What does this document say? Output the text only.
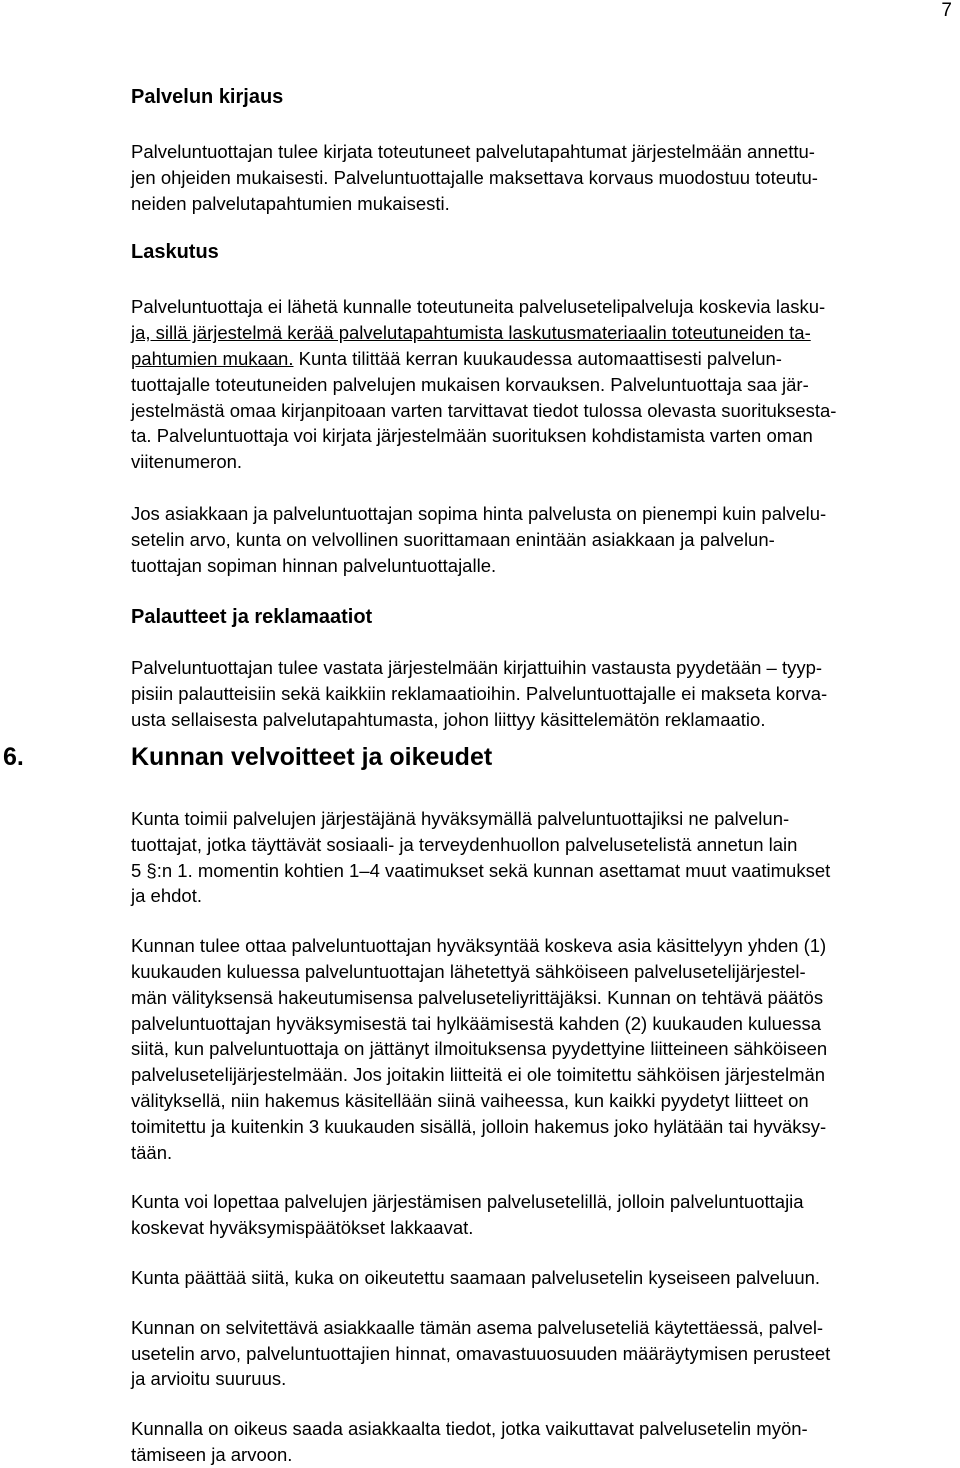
7
Palvelun kirjaus

Palveluntuottajan tulee kirjata toteutuneet palvelutapahtumat järjestelmään annettu-
jen ohjeiden mukaisesti. Palveluntuottajalle maksettava korvaus muodostuu toteutu-
neiden palvelutapahtumien mukaisesti.

Laskutus

Palveluntuottaja ei lähetä kunnalle toteutuneita palvelusetelipalveluja koskevia lasku-
ja, sillä järjestelmä kerää palvelutapahtumista laskutusmateriaalin toteutuneiden ta-
pahtumien mukaan. Kunta tilittää kerran kuukaudessa automaattisesti palvelun-
tuottajalle toteutuneiden palvelujen mukaisen korvauksen. Palveluntuottaja saa jär-
jestelmästä omaa kirjanpitoaan varten tarvittavat tiedot tulossa olevasta suorituksesta-
ta. Palveluntuottaja voi kirjata järjestelmään suorituksen kohdistamista varten oman
viitenumeron.

Jos asiakkaan ja palveluntuottajan sopima hinta palvelusta on pienempi kuin palvelu-
setelin arvo, kunta on velvollinen suorittamaan enintään asiakkaan ja palvelun-
tuottajan sopiman hinnan palveluntuottajalle.

Palautteet ja reklamaatiot

Palveluntuottajan tulee vastata järjestelmään kirjattuihin vastausta pyydetään – tyyp-
pisiin palautteisiin sekä kaikkiin reklamaatioihin. Palveluntuottajalle ei makseta korva-
usta sellaisesta palvelutapahtumasta, johon liittyy käsittelemätön reklamaatio.

6.	Kunnan velvoitteet ja oikeudet

Kunta toimii palvelujen järjestäjänä hyväksymällä palveluntuottajiksi ne palvelun-
tuottajat, jotka täyttävät sosiaali- ja terveydenhuollon palvelusetelistä annetun lain
5 §:n 1. momentin kohtien 1–4 vaatimukset sekä kunnan asettamat muut vaatimukset
ja ehdot.

Kunnan tulee ottaa palveluntuottajan hyväksyntää koskeva asia käsittelyyn yhden (1)
kuukauden kuluessa palveluntuottajan lähetettyä sähköiseen palvelusetelijärjestel-
män välityksensä hakeutumisensa palveluseteliyrittäjäksi. Kunnan on tehtävä päätös
palveluntuottajan hyväksymisestä tai hylkäämisestä kahden (2) kuukauden kuluessa
siitä, kun palveluntuottaja on jättänyt ilmoituksensa pyydettyine liitteineen sähköiseen
palvelusetelijärjestelmään. Jos joitakin liitteitä ei ole toimitettu sähköisen järjestelmän
välityksellä, niin hakemus käsitellään siinä vaiheessa, kun kaikki pyydetyt liitteet on
toimitettu ja kuitenkin 3 kuukauden sisällä, jolloin hakemus joko hylätään tai hyväksy-
tään.

Kunta voi lopettaa palvelujen järjestämisen palvelusetelillä, jolloin palveluntuottajia
koskevat hyväksymispäätökset lakkaavat.

Kunta päättää siitä, kuka on oikeutettu saamaan palvelusetelin kyseiseen palveluun.

Kunnan on selvitettävä asiakkaalle tämän asema palveluseteliä käytettäessä, palvel-
usetelin arvo, palveluntuottajien hinnat, omavastuuosuuden määräytymisen perusteet
ja arvioitu suuruus.

Kunnalla on oikeus saada asiakkaalta tiedot, jotka vaikuttavat palvelusetelin myön-
tämiseen ja arvoon.
